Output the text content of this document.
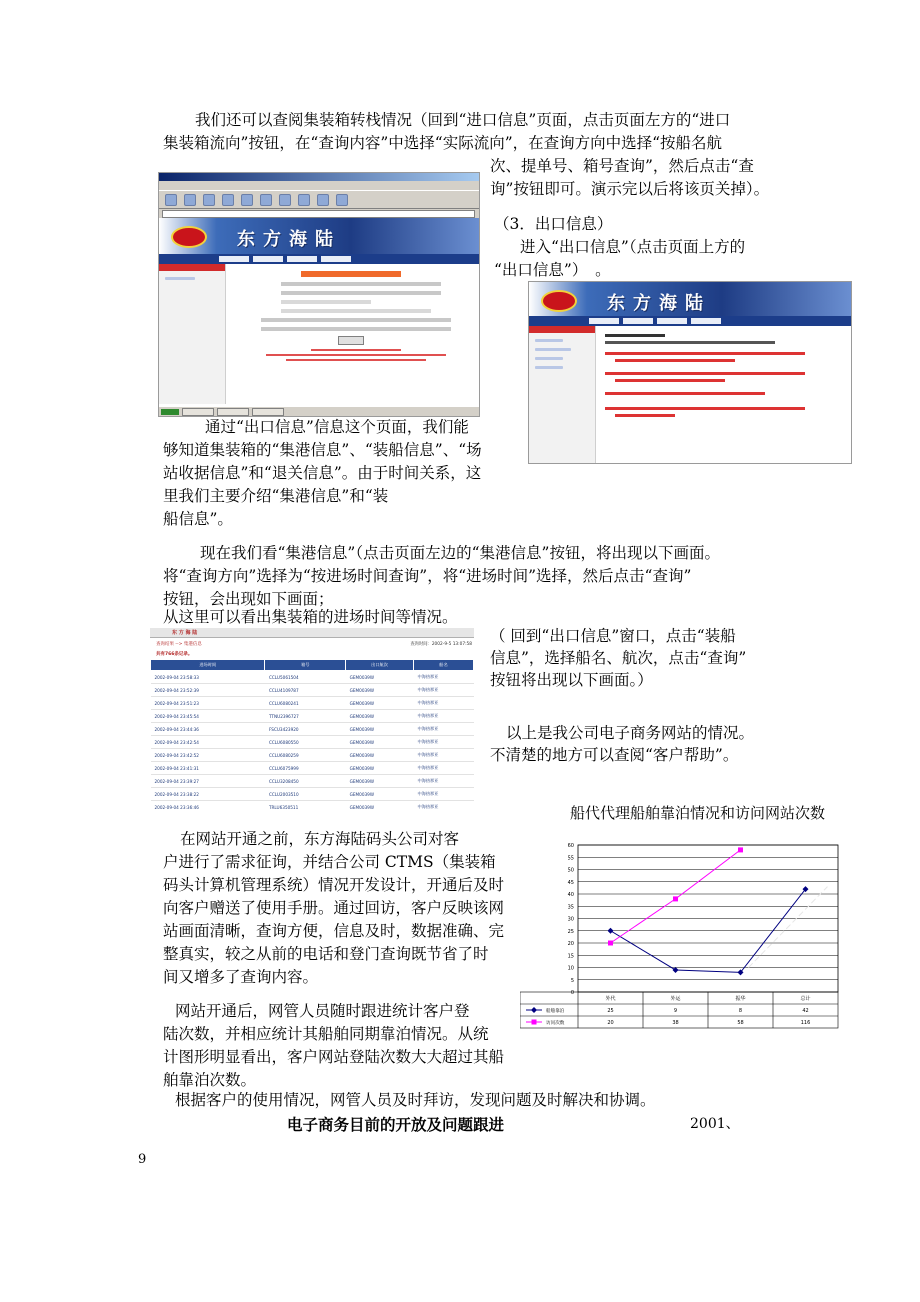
我们还可以查阅集装箱转栈情况（回到“进口信息”页面，点击页面左方的“进口

集装箱流向”按钮，在“查询内容”中选择“实际流向”，在查询方向中选择“按船名航

次、提单号、箱号查询”，然后点击“查

询”按钮即可。演示完以后将该页关掉）。

东方海陆

（3．出口信息）

进入“出口信息”（点击页面上方的

“出口信息”）　。

东方海陆

通过“出口信息”信息这个页面，我们能

够知道集装箱的“集港信息”、“装船信息”、“场

站收据信息”和“退关信息”。由于时间关系，这

里我们主要介绍“集港信息”和“装

船信息”。

现在我们看“集港信息”（点击页面左边的“集港信息”按钮，将出现以下画面。

将“查询方向”选择为“按进场时间查询”，将“进场时间”选择，然后点击“查询”

按钮，会出现如下画面；

从这里可以看出集装箱的进场时间等情况。

东 方 海 陆
查询结果 --> 集港信息	查询时间：2002-9-5 13:07:58
共有766条记录。
进场时间	箱号	出口航次	船名
2002-09-04 23:58:33	CCLU5061504	GEM0039W	中海热那亚
2002-09-04 23:52:39	CCLU4109787	GEM0039W	中海热那亚
2002-09-04 23:51:23	CCLU6080241	GEM0039W	中海热那亚
2002-09-04 23:45:54	TTNU2396727	GEM0039W	中海热那亚
2002-09-04 23:44:36	FSCU3423920	GEM0039W	中海热那亚
2002-09-04 23:42:54	CCLU6080550	GEM0039W	中海热那亚
2002-09-04 23:42:52	CCLU6080259	GEM0039W	中海热那亚
2002-09-04 23:41:31	CCLU6075999	GEM0039W	中海热那亚
2002-09-04 23:39:27	CCLU3208450	GEM0039W	中海热那亚
2002-09-04 23:38:22	CCLU2003510	GEM0039W	中海热那亚
2002-09-04 23:36:46	TRLU6350511	GEM0039W	中海热那亚

（ 回到“出口信息”窗口，点击“装船

信息”，选择船名、航次，点击“查询”

按钮将出现以下画面。）

以上是我公司电子商务网站的情况。

不清楚的地方可以查阅“客户帮助”。

船代代理船舶靠泊情况和访问网站次数
0
5
10
15
20
25
30
35
40
45
50
55
60
外代	外运	振华	总计
船舶靠泊	25	9	8	42
访问次数	20	38	58	116

在网站开通之前，东方海陆码头公司对客

户进行了需求征询，并结合公司 CTMS（集装箱

码头计算机管理系统）情况开发设计，开通后及时

向客户赠送了使用手册。通过回访，客户反映该网

站画面清晰，查询方便，信息及时，数据准确、完

整真实，较之从前的电话和登门查询既节省了时

间又增多了查询内容。

网站开通后，网管人员随时跟进统计客户登

陆次数，并相应统计其船舶同期靠泊情况。从统

计图形明显看出，客户网站登陆次数大大超过其船

舶靠泊次数。

根据客户的使用情况，网管人员及时拜访，发现问题及时解决和协调。

电子商务目前的开放及问题跟进	2001、

9
